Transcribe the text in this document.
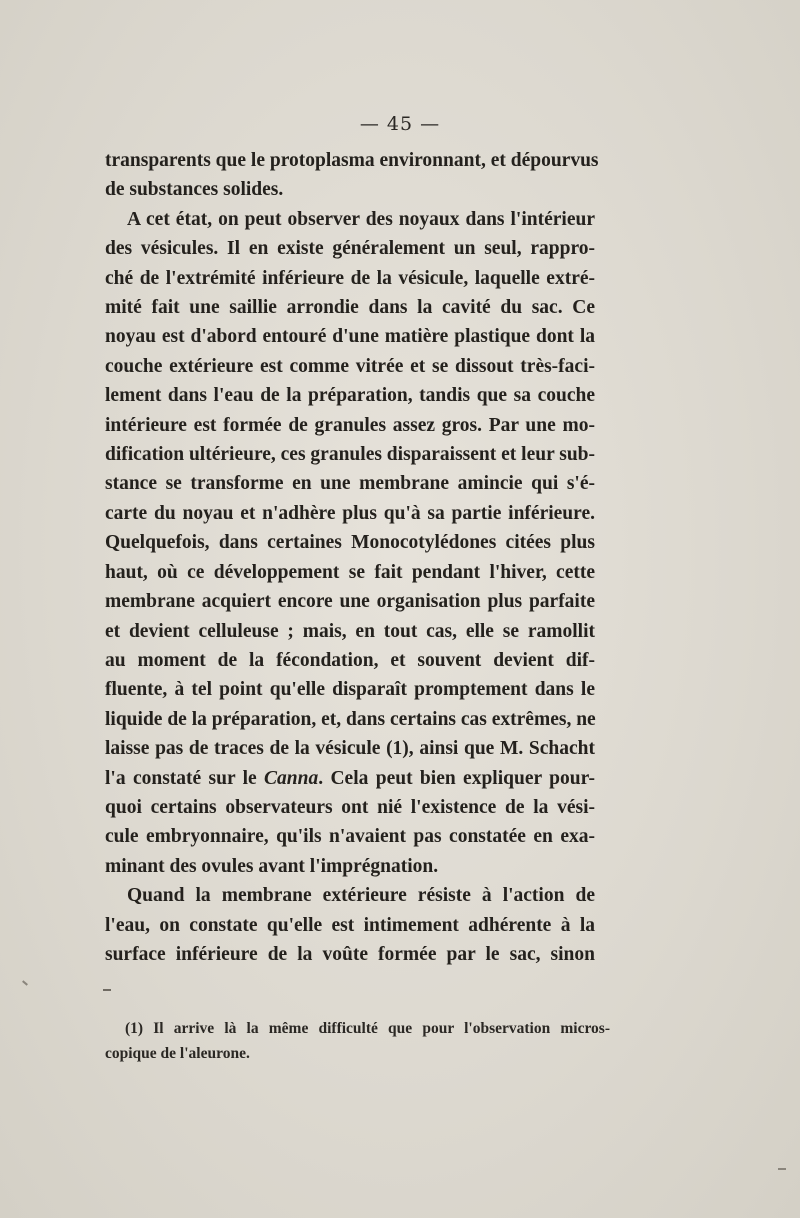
— 45 —
transparents que le protoplasma environnant, et dépourvus
de substances solides.
A cet état, on peut observer des noyaux dans l'intérieur
des vésicules. Il en existe généralement un seul, rappro-
ché de l'extrémité inférieure de la vésicule, laquelle extré-
mité fait une saillie arrondie dans la cavité du sac. Ce
noyau est d'abord entouré d'une matière plastique dont la
couche extérieure est comme vitrée et se dissout très-faci-
lement dans l'eau de la préparation, tandis que sa couche
intérieure est formée de granules assez gros. Par une mo-
dification ultérieure, ces granules disparaissent et leur sub-
stance se transforme en une membrane amincie qui s'é-
carte du noyau et n'adhère plus qu'à sa partie inférieure.
Quelquefois, dans certaines Monocotylédones citées plus
haut, où ce développement se fait pendant l'hiver, cette
membrane acquiert encore une organisation plus parfaite
et devient celluleuse ; mais, en tout cas, elle se ramollit
au moment de la fécondation, et souvent devient dif-
fluente, à tel point qu'elle disparaît promptement dans le
liquide de la préparation, et, dans certains cas extrêmes, ne
laisse pas de traces de la vésicule (1), ainsi que M. Schacht
l'a constaté sur le Canna. Cela peut bien expliquer pour-
quoi certains observateurs ont nié l'existence de la vési-
cule embryonnaire, qu'ils n'avaient pas constatée en exa-
minant des ovules avant l'imprégnation.
Quand la membrane extérieure résiste à l'action de
l'eau, on constate qu'elle est intimement adhérente à la
surface inférieure de la voûte formée par le sac, sinon
(1) Il arrive là la même difficulté que pour l'observation micros-
copique de l'aleurone.
